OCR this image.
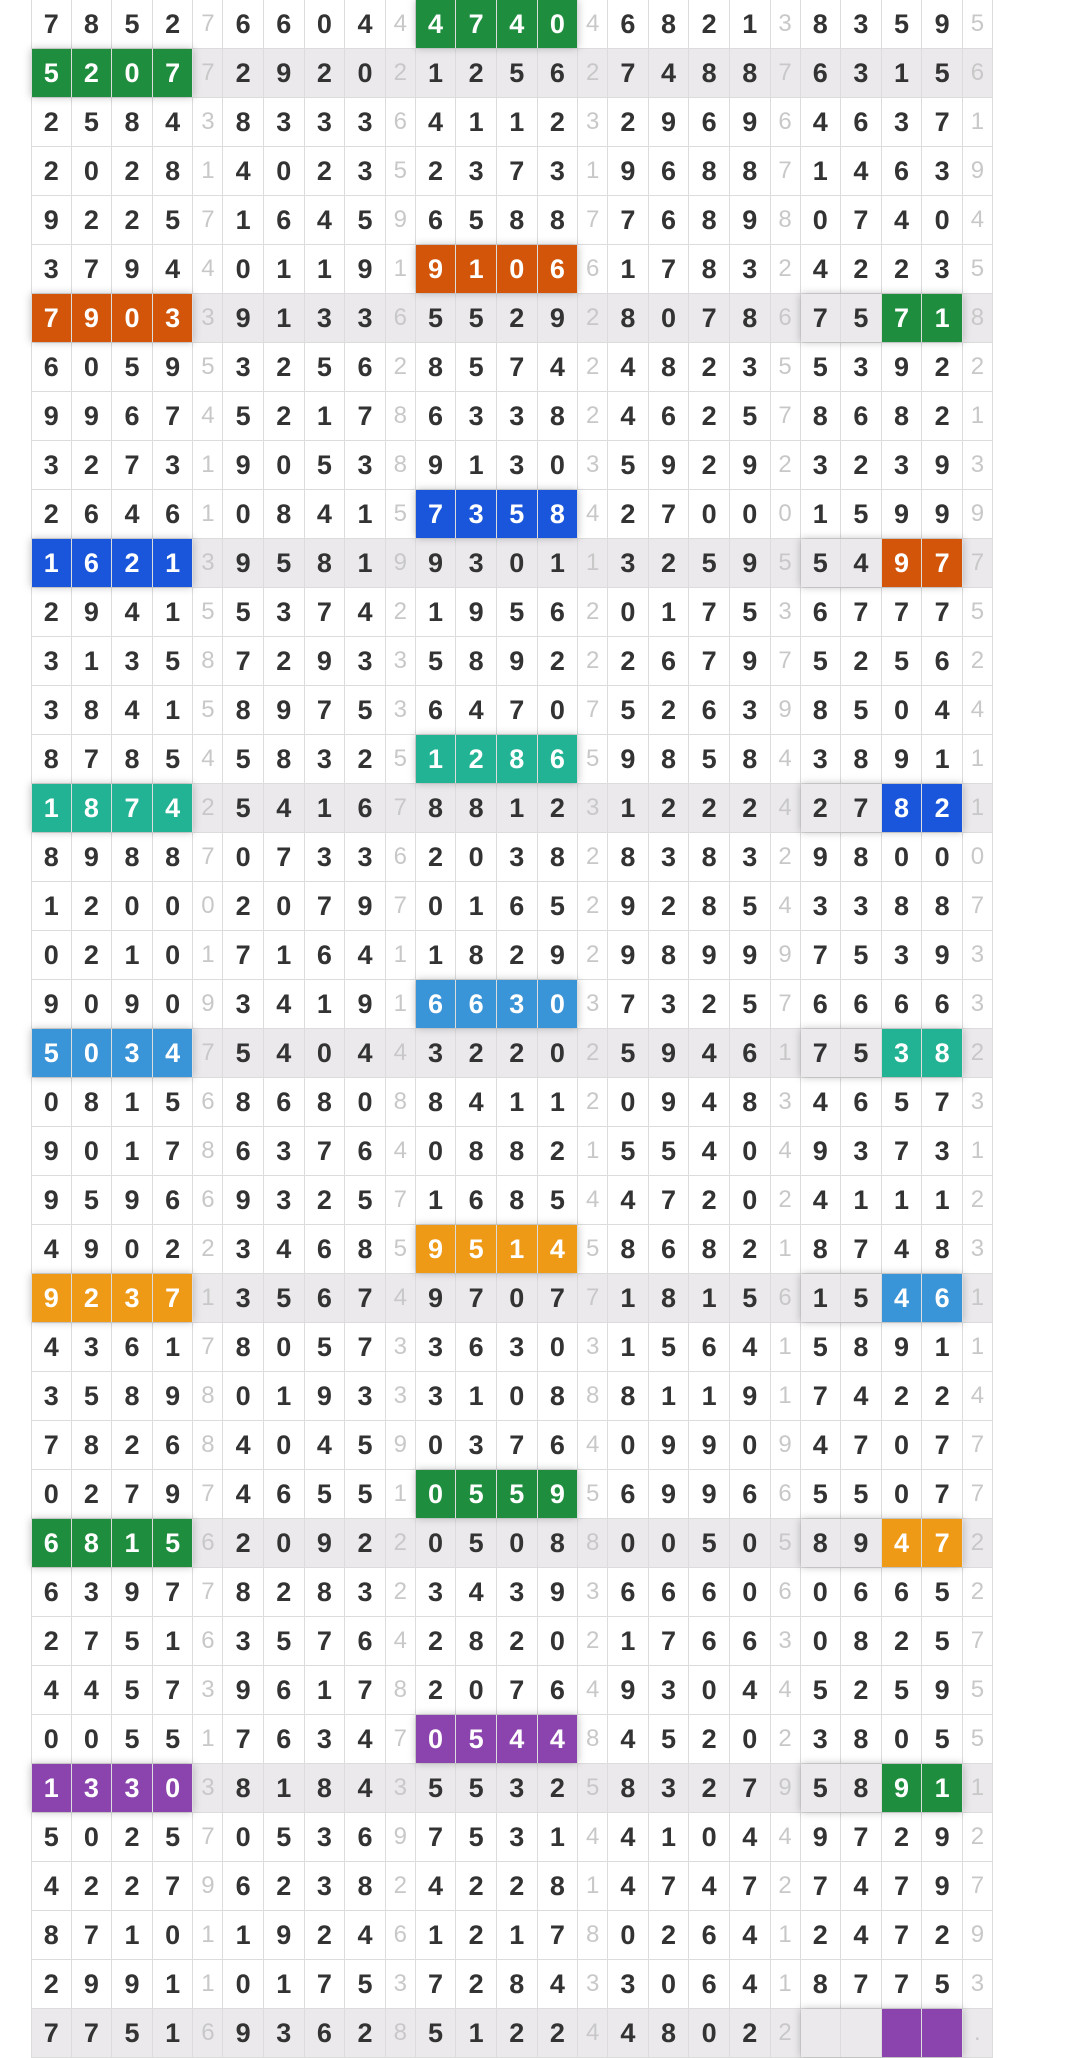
7 8 5 2 7 6 6 0 4 4 4 7 4 0 4 6 8 2 1 3 8 3 5 9 5
5 2 0 7 7 2 9 2 0 2 1 2 5 6 2 7 4 8 8 7 6 3 1 5 6
2 5 8 4 3 8 3 3 3 6 4 1 1 2 3 2 9 6 9 6 4 6 3 7 1
2 0 2 8 1 4 0 2 3 5 2 3 7 3 1 9 6 8 8 7 1 4 6 3 9
9 2 2 5 7 1 6 4 5 9 6 5 8 8 7 7 6 8 9 8 0 7 4 0 4
3 7 9 4 4 0 1 1 9 1 9 1 0 6 6 1 7 8 3 2 4 2 2 3 5
7 9 0 3 3 9 1 3 3 6 5 5 2 9 2 8 0 7 8 6 7 5 7 1 8
6 0 5 9 5 3 2 5 6 2 8 5 7 4 2 4 8 2 3 5 5 3 9 2 2
9 9 6 7 4 5 2 1 7 8 6 3 3 8 2 4 6 2 5 7 8 6 8 2 1
3 2 7 3 1 9 0 5 3 8 9 1 3 0 3 5 9 2 9 2 3 2 3 9 3
2 6 4 6 1 0 8 4 1 5 7 3 5 8 4 2 7 0 0 0 1 5 9 9 9
1 6 2 1 3 9 5 8 1 9 9 3 0 1 1 3 2 5 9 5 5 4 9 7 7
2 9 4 1 5 5 3 7 4 2 1 9 5 6 2 0 1 7 5 3 6 7 7 7 5
3 1 3 5 8 7 2 9 3 3 5 8 9 2 2 2 6 7 9 7 5 2 5 6 2
3 8 4 1 5 8 9 7 5 3 6 4 7 0 7 5 2 6 3 9 8 5 0 4 4
8 7 8 5 4 5 8 3 2 5 1 2 8 6 5 9 8 5 8 4 3 8 9 1 1
1 8 7 4 2 5 4 1 6 7 8 8 1 2 3 1 2 2 2 4 2 7 8 2 1
8 9 8 8 7 0 7 3 3 6 2 0 3 8 2 8 3 8 3 2 9 8 0 0 0
1 2 0 0 0 2 0 7 9 7 0 1 6 5 2 9 2 8 5 4 3 3 8 8 7
0 2 1 0 1 7 1 6 4 1 1 8 2 9 2 9 8 9 9 9 7 5 3 9 3
9 0 9 0 9 3 4 1 9 1 6 6 3 0 3 7 3 2 5 7 6 6 6 6 3
5 0 3 4 7 5 4 0 4 4 3 2 2 0 2 5 9 4 6 1 7 5 3 8 2
0 8 1 5 6 8 6 8 0 8 8 4 1 1 2 0 9 4 8 3 4 6 5 7 3
9 0 1 7 8 6 3 7 6 4 0 8 8 2 1 5 5 4 0 4 9 3 7 3 1
9 5 9 6 6 9 3 2 5 7 1 6 8 5 4 4 7 2 0 2 4 1 1 1 2
4 9 0 2 2 3 4 6 8 5 9 5 1 4 5 8 6 8 2 1 8 7 4 8 3
9 2 3 7 1 3 5 6 7 4 9 7 0 7 7 1 8 1 5 6 1 5 4 6 1
4 3 6 1 7 8 0 5 7 3 3 6 3 0 3 1 5 6 4 1 5 8 9 1 1
3 5 8 9 8 0 1 9 3 3 3 1 0 8 8 8 1 1 9 1 7 4 2 2 4
7 8 2 6 8 4 0 4 5 9 0 3 7 6 4 0 9 9 0 9 4 7 0 7 7
0 2 7 9 7 4 6 5 5 1 0 5 5 9 5 6 9 9 6 6 5 5 0 7 7
6 8 1 5 6 2 0 9 2 2 0 5 0 8 8 0 0 5 0 5 8 9 4 7 2
6 3 9 7 7 8 2 8 3 2 3 4 3 9 3 6 6 6 0 6 0 6 6 5 2
2 7 5 1 6 3 5 7 6 4 2 8 2 0 2 1 7 6 6 3 0 8 2 5 7
4 4 5 7 3 9 6 1 7 8 2 0 7 6 4 9 3 0 4 4 5 2 5 9 5
0 0 5 5 1 7 6 3 4 7 0 5 4 4 8 4 5 2 0 2 3 8 0 5 5
1 3 3 0 3 8 1 8 4 3 5 5 3 2 5 8 3 2 7 9 5 8 9 1 1
5 0 2 5 7 0 5 3 6 9 7 5 3 1 4 4 1 0 4 4 9 7 2 9 2
4 2 2 7 9 6 2 3 8 2 4 2 2 8 1 4 7 4 7 2 7 4 7 9 7
8 7 1 0 1 1 9 2 4 6 1 2 1 7 8 0 2 6 4 1 2 4 7 2 9
2 9 9 1 1 0 1 7 5 3 7 2 8 4 3 3 0 6 4 1 8 7 7 5 3
7 7 5 1 6 9 3 6 2 8 5 1 2 2 4 4 8 0 2 2	.
